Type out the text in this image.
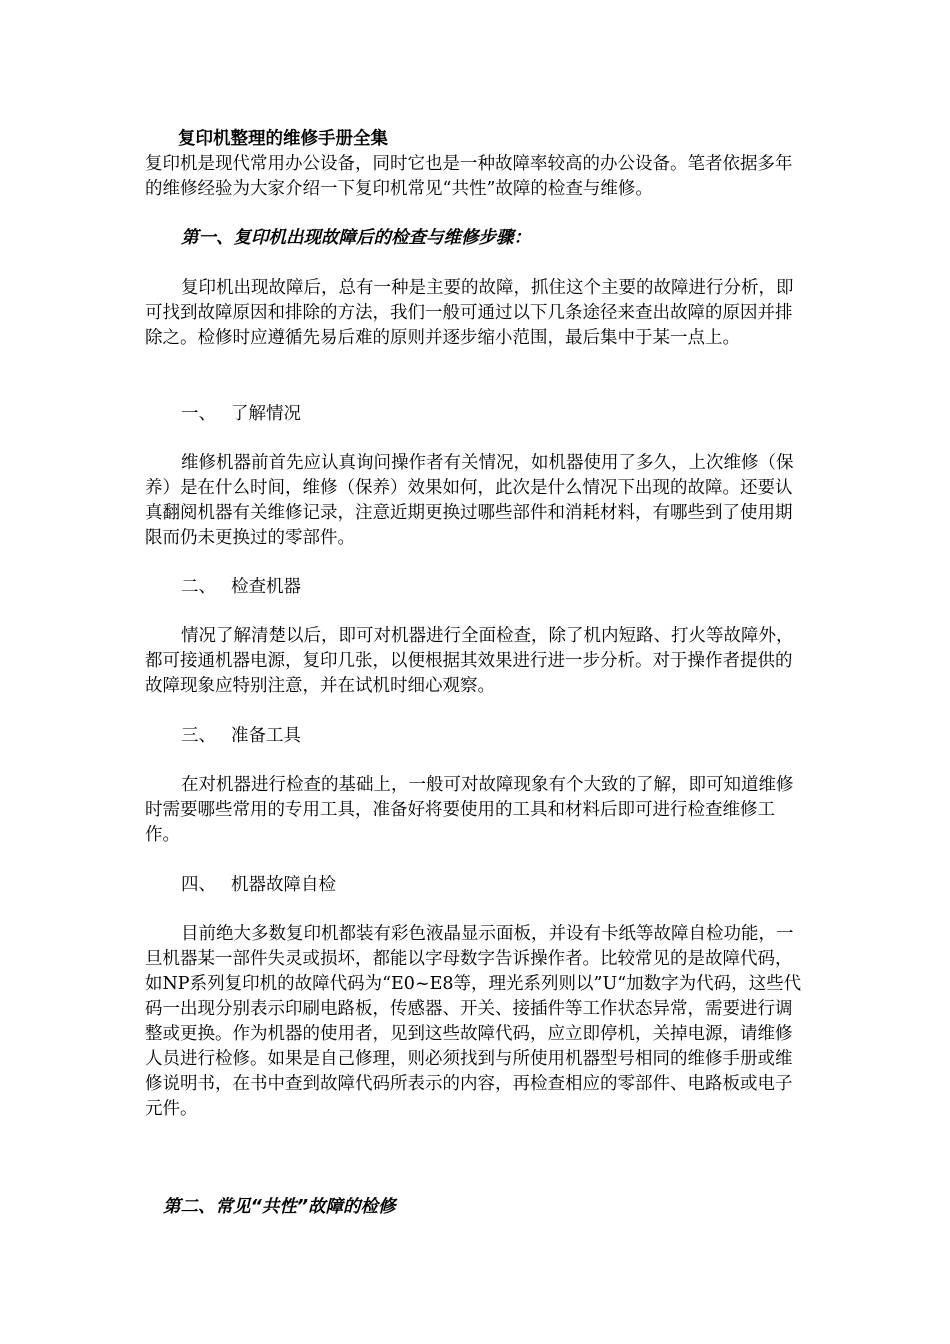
复印机整理的维修手册全集

复印机是现代常用办公设备，同时它也是一种故障率较高的办公设备。笔者依据多年的维修经验为大家介绍一下复印机常见“共性”故障的检查与维修。

第一、复印机出现故障后的检查与维修步骤：

复印机出现故障后，总有一种是主要的故障，抓住这个主要的故障进行分析，即可找到故障原因和排除的方法，我们一般可通过以下几条途径来查出故障的原因并排除之。检修时应遵循先易后难的原则并逐步缩小范围，最后集中于某一点上。

一、 了解情况

维修机器前首先应认真询问操作者有关情况，如机器使用了多久，上次维修（保养）是在什么时间，维修（保养）效果如何，此次是什么情况下出现的故障。还要认真翻阅机器有关维修记录，注意近期更换过哪些部件和消耗材料，有哪些到了使用期限而仍未更换过的零部件。

二、 检查机器

情况了解清楚以后，即可对机器进行全面检查，除了机内短路、打火等故障外，都可接通机器电源，复印几张，以便根据其效果进行进一步分析。对于操作者提供的故障现象应特别注意，并在试机时细心观察。

三、 准备工具

在对机器进行检查的基础上，一般可对故障现象有个大致的了解，即可知道维修时需要哪些常用的专用工具，准备好将要使用的工具和材料后即可进行检查维修工作。

四、 机器故障自检

目前绝大多数复印机都装有彩色液晶显示面板，并设有卡纸等故障自检功能，一旦机器某一部件失灵或损坏，都能以字母数字告诉操作者。比较常见的是故障代码，如NP系列复印机的故障代码为“E0~E8等，理光系列则以”U“加数字为代码，这些代码一出现分别表示印刷电路板，传感器、开关、接插件等工作状态异常，需要进行调整或更换。作为机器的使用者，见到这些故障代码，应立即停机，关掉电源，请维修人员进行检修。如果是自己修理，则必须找到与所使用机器型号相同的维修手册或维修说明书，在书中查到故障代码所表示的内容，再检查相应的零部件、电路板或电子元件。

第二、常见“共性”故障的检修
